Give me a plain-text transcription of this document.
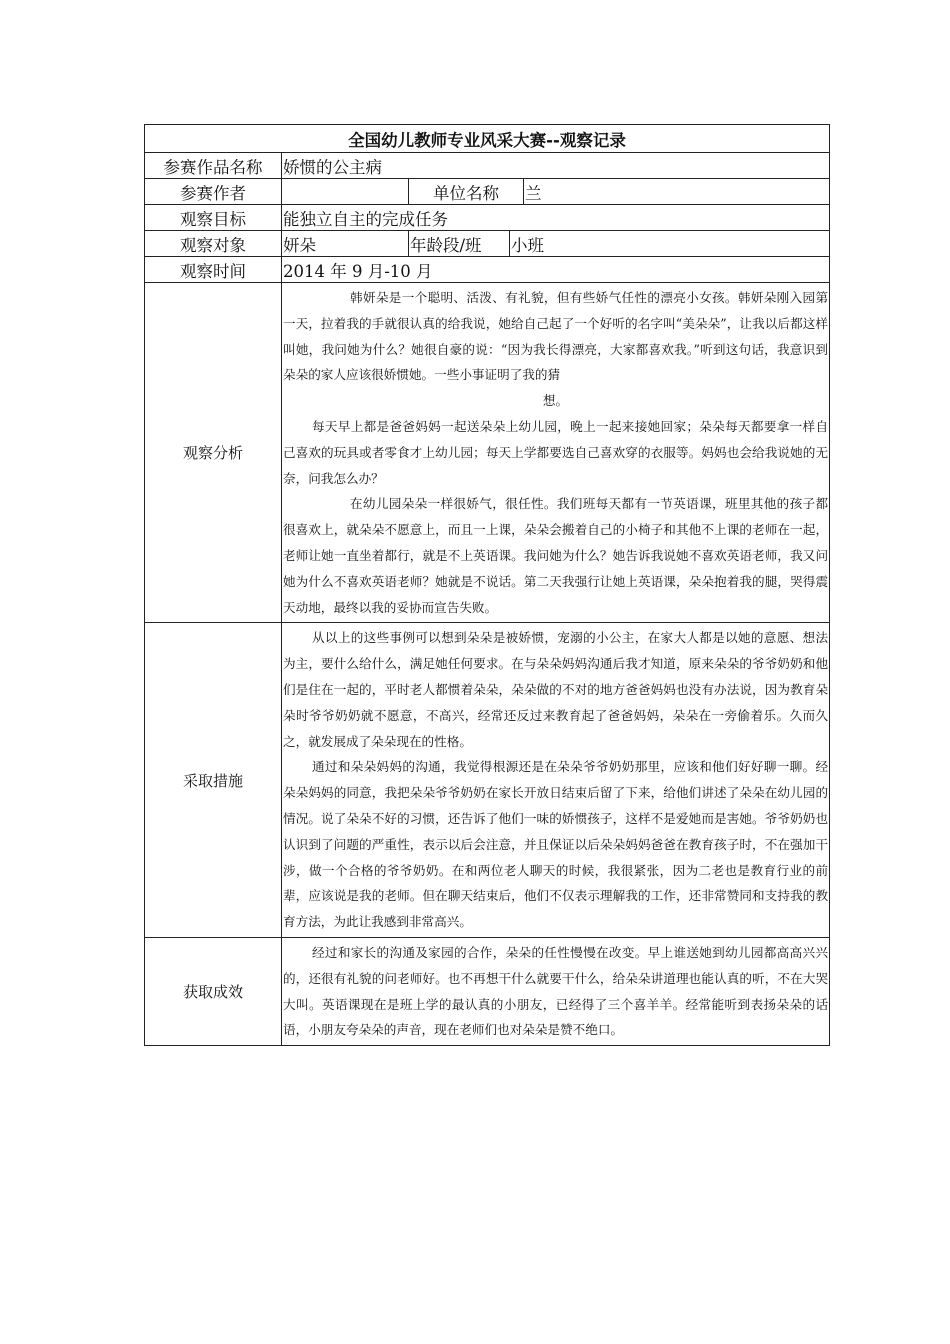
全国幼儿教师专业风采大赛--观察记录				
参赛作品名称	娇惯的公主病			
参赛作者		单位名称		兰
观察目标	能独立自主的完成任务			
观察对象	妍朵	年龄段/班	小班	
观察时间	2014 年 9 月-10 月			
观察分析	韩妍朵是一个聪明、活泼、有礼貌，但有些娇气任性的漂亮小女孩。韩妍朵刚入园第一天，拉着我的手就很认真的给我说，她给自己起了一个好听的名字叫“美朵朵”，让我以后都这样叫她，我问她为什么？她很自豪的说：“因为我长得漂亮，大家都喜欢我。”听到这句话，我意识到朵朵的家人应该很娇惯她。一些小事证明了我的猜

想。

每天早上都是爸爸妈妈一起送朵朵上幼儿园，晚上一起来接她回家；朵朵每天都要拿一样自己喜欢的玩具或者零食才上幼儿园；每天上学都要选自己喜欢穿的衣服等。妈妈也会给我说她的无奈，问我怎么办？

在幼儿园朵朵一样很娇气，很任性。我们班每天都有一节英语课，班里其他的孩子都很喜欢上，就朵朵不愿意上，而且一上课，朵朵会搬着自己的小椅子和其他不上课的老师在一起，老师让她一直坐着都行，就是不上英语课。我问她为什么？她告诉我说她不喜欢英语老师，我又问她为什么不喜欢英语老师？她就是不说话。第二天我强行让她上英语课，朵朵抱着我的腿，哭得震天动地，最终以我的妥协而宣告失败。			

采取措施	从以上的这些事例可以想到朵朵是被娇惯，宠溺的小公主，在家大人都是以她的意愿、想法为主，要什么给什么，满足她任何要求。在与朵朵妈妈沟通后我才知道，原来朵朵的爷爷奶奶和他们是住在一起的，平时老人都惯着朵朵，朵朵做的不对的地方爸爸妈妈也没有办法说，因为教育朵朵时爷爷奶奶就不愿意，不高兴，经常还反过来教育起了爸爸妈妈，朵朵在一旁偷着乐。久而久之，就发展成了朵朵现在的性格。

通过和朵朵妈妈的沟通，我觉得根源还是在朵朵爷爷奶奶那里，应该和他们好好聊一聊。经朵朵妈妈的同意，我把朵朵爷爷奶奶在家长开放日结束后留了下来，给他们讲述了朵朵在幼儿园的情况。说了朵朵不好的习惯，还告诉了他们一味的娇惯孩子，这样不是爱她而是害她。爷爷奶奶也认识到了问题的严重性，表示以后会注意，并且保证以后朵朵妈妈爸爸在教育孩子时，不在强加干涉，做一个合格的爷爷奶奶。在和两位老人聊天的时候，我很紧张，因为二老也是教育行业的前辈，应该说是我的老师。但在聊天结束后，他们不仅表示理解我的工作，还非常赞同和支持我的教育方法，为此让我感到非常高兴。			

获取成效	经过和家长的沟通及家园的合作，朵朵的任性慢慢在改变。早上谁送她到幼儿园都高高兴兴的，还很有礼貌的问老师好。也不再想干什么就要干什么，给朵朵讲道理也能认真的听，不在大哭大叫。英语课现在是班上学的最认真的小朋友，已经得了三个喜羊羊。经常能听到表扬朵朵的话语，小朋友夸朵朵的声音，现在老师们也对朵朵是赞不绝口。			
